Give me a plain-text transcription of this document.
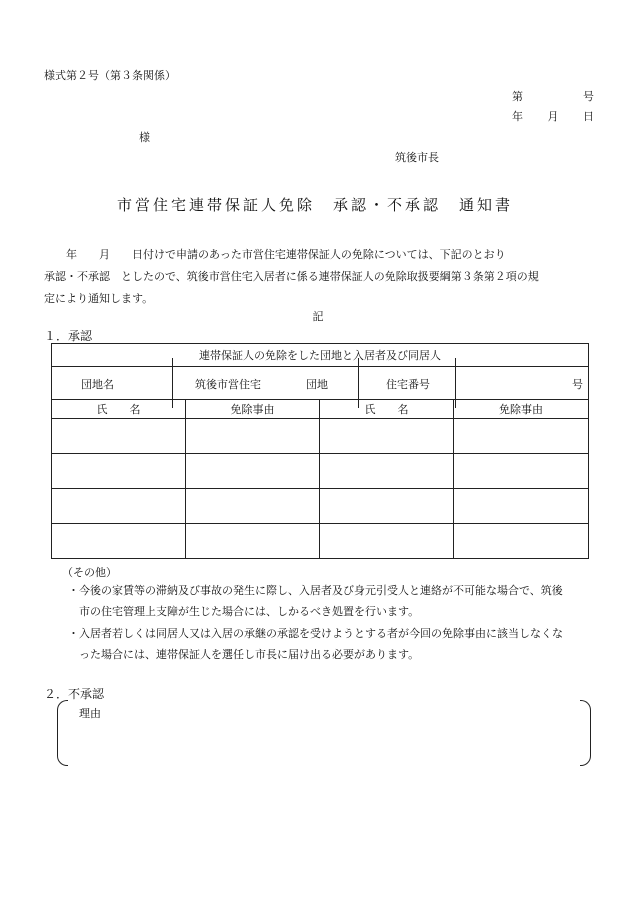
様式第２号（第３条関係）
第	号
年 月 日
様
筑後市長
市営住宅連帯保証人免除　承認・不承認　通知書
　　年　　月　　日付けで申請のあった市営住宅連帯保証人の免除については、下記のとおり
承認・不承認　としたので、筑後市営住宅入居者に係る連帯保証人の免除取扱要綱第３条第２項の規
定により通知します。
記
１．承認
連帯保証人の免除をした団地と入居者及び同居人			

団地名 筑後市営住宅 団地 住宅番号 号			

氏　　名	免除事由	氏　　名	免除事由

（その他）
・今後の家賃等の滞納及び事故の発生に際し、入居者及び身元引受人と連絡が不可能な場合で、筑後
　市の住宅管理上支障が生じた場合には、しかるべき処置を行います。
・入居者若しくは同居人又は入居の承継の承認を受けようとする者が今回の免除事由に該当しなくな
　った場合には、連帯保証人を選任し市長に届け出る必要があります。
２．不承認
理由
